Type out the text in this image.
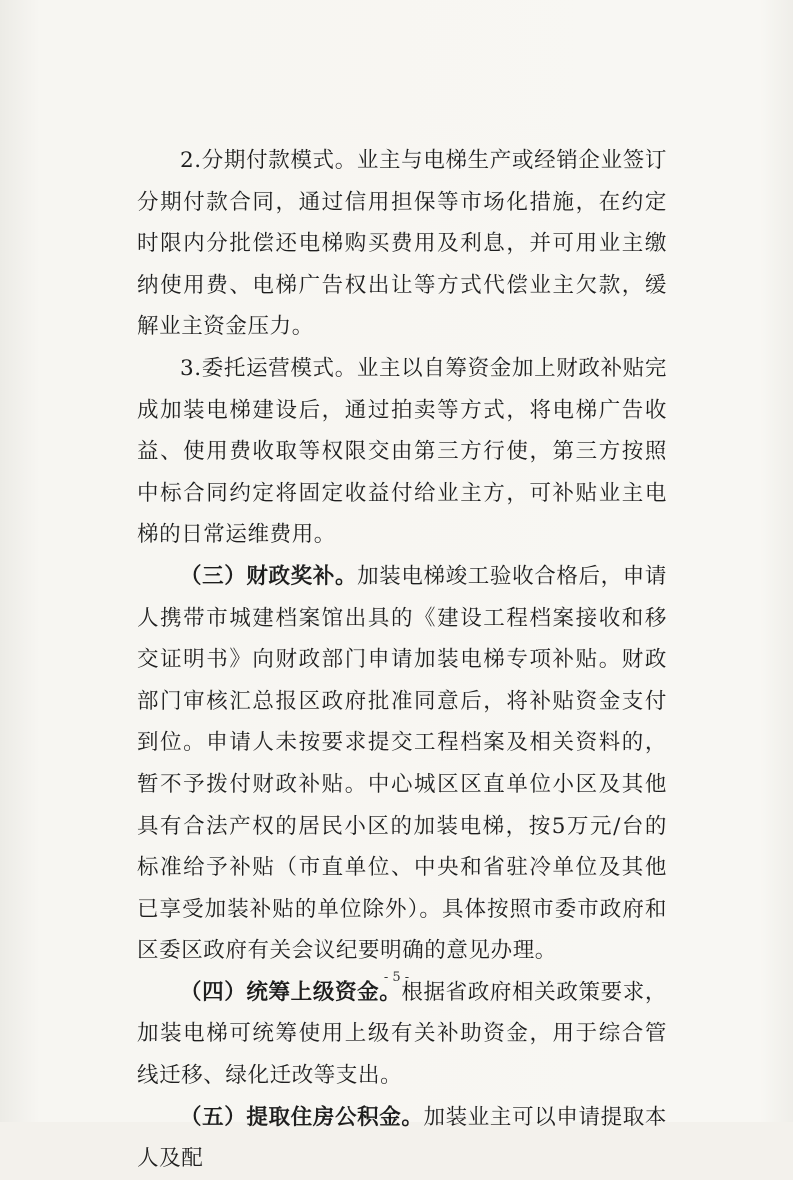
2.分期付款模式。业主与电梯生产或经销企业签订分期付款合同，通过信用担保等市场化措施，在约定时限内分批偿还电梯购买费用及利息，并可用业主缴纳使用费、电梯广告权出让等方式代偿业主欠款，缓解业主资金压力。

3.委托运营模式。业主以自筹资金加上财政补贴完成加装电梯建设后，通过拍卖等方式，将电梯广告收益、使用费收取等权限交由第三方行使，第三方按照中标合同约定将固定收益付给业主方，可补贴业主电梯的日常运维费用。

（三）财政奖补。加装电梯竣工验收合格后，申请人携带市城建档案馆出具的《建设工程档案接收和移交证明书》向财政部门申请加装电梯专项补贴。财政部门审核汇总报区政府批准同意后，将补贴资金支付到位。申请人未按要求提交工程档案及相关资料的，暂不予拨付财政补贴。中心城区区直单位小区及其他具有合法产权的居民小区的加装电梯，按5万元/台的标准给予补贴（市直单位、中央和省驻冷单位及其他已享受加装补贴的单位除外）。具体按照市委市政府和区委区政府有关会议纪要明确的意见办理。

（四）统筹上级资金。根据省政府相关政策要求，加装电梯可统筹使用上级有关补助资金，用于综合管线迁移、绿化迁改等支出。

（五）提取住房公积金。加装业主可以申请提取本人及配

- 5 -
